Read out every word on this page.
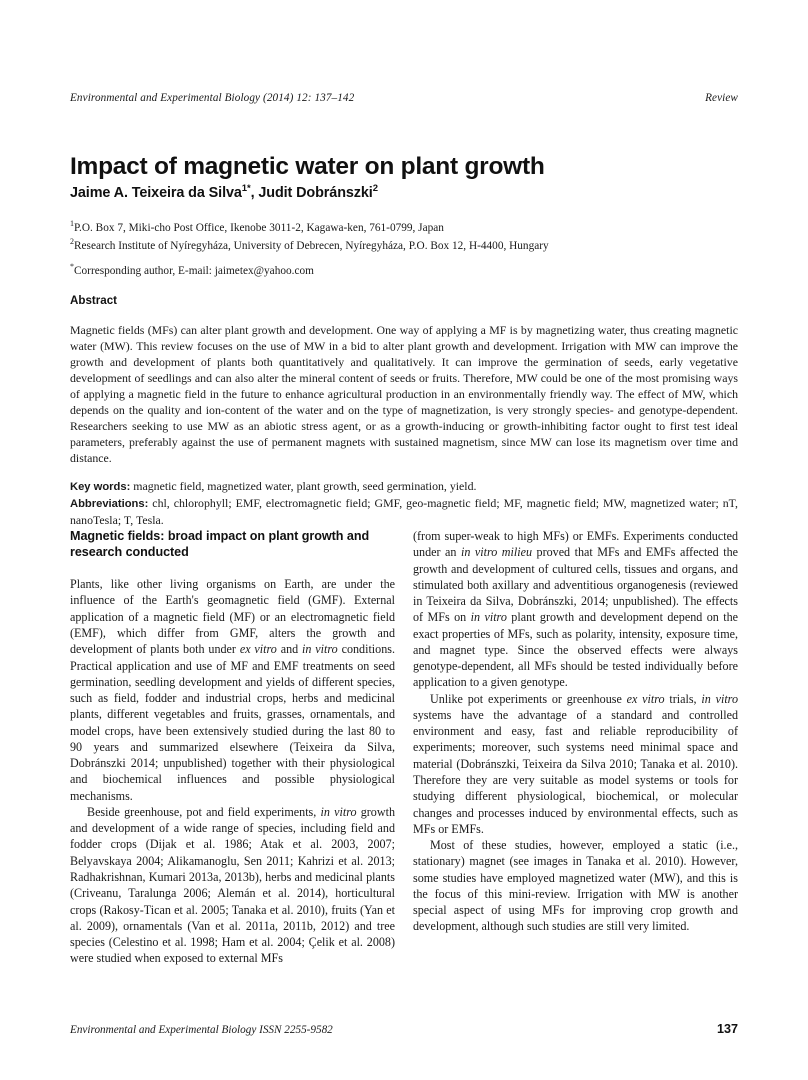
Environmental and Experimental Biology (2014) 12: 137–142	Review
Impact of magnetic water on plant growth
Jaime A. Teixeira da Silva$^{1*}$, Judit Dobránszki$^2$
$^1$P.O. Box 7, Miki-cho Post Office, Ikenobe 3011-2, Kagawa-ken, 761-0799, Japan
$^2$Research Institute of Nyíregyháza, University of Debrecen, Nyíregyháza, P.O. Box 12, H-4400, Hungary
*Corresponding author, E-mail: jaimetex@yahoo.com
Abstract
Magnetic fields (MFs) can alter plant growth and development. One way of applying a MF is by magnetizing water, thus creating magnetic water (MW). This review focuses on the use of MW in a bid to alter plant growth and development. Irrigation with MW can improve the growth and development of plants both quantitatively and qualitatively. It can improve the germination of seeds, early vegetative development of seedlings and can also alter the mineral content of seeds or fruits. Therefore, MW could be one of the most promising ways of applying a magnetic field in the future to enhance agricultural production in an environmentally friendly way. The effect of MW, which depends on the quality and ion-content of the water and on the type of magnetization, is very strongly species- and genotype-dependent. Researchers seeking to use MW as an abiotic stress agent, or as a growth-inducing or growth-inhibiting factor ought to first test ideal parameters, preferably against the use of permanent magnets with sustained magnetism, since MW can lose its magnetism over time and distance.

Key words: magnetic field, magnetized water, plant growth, seed germination, yield.

Abbreviations: chl, chlorophyll; EMF, electromagnetic field; GMF, geo-magnetic field; MF, magnetic field; MW, magnetized water; nT, nanoTesla; T, Tesla.

Magnetic fields: broad impact on plant growth and research conducted

Plants, like other living organisms on Earth, are under the influence of the Earth's geomagnetic field (GMF). External application of a magnetic field (MF) or an electromagnetic field (EMF), which differ from GMF, alters the growth and development of plants both under ex vitro and in vitro conditions. Practical application and use of MF and EMF treatments on seed germination, seedling development and yields of different species, such as field, fodder and industrial crops, herbs and medicinal plants, different vegetables and fruits, grasses, ornamentals, and model crops, have been extensively studied during the last 80 to 90 years and summarized elsewhere (Teixeira da Silva, Dobránszki 2014; unpublished) together with their physiological and biochemical influences and possible physiological mechanisms.

Beside greenhouse, pot and field experiments, in vitro growth and development of a wide range of species, including field and fodder crops (Dijak et al. 1986; Atak et al. 2003, 2007; Belyavskaya 2004; Alikamanoglu, Sen 2011; Kahrizi et al. 2013; Radhakrishnan, Kumari 2013a, 2013b), herbs and medicinal plants (Criveanu, Taralunga 2006; Alemán et al. 2014), horticultural crops (Rakosy-Tican et al. 2005; Tanaka et al. 2010), fruits (Yan et al. 2009), ornamentals (Van et al. 2011a, 2011b, 2012) and tree species (Celestino et al. 1998; Ham et al. 2004; Çelik et al. 2008) were studied when exposed to external MFs

(from super-weak to high MFs) or EMFs. Experiments conducted under an in vitro milieu proved that MFs and EMFs affected the growth and development of cultured cells, tissues and organs, and stimulated both axillary and adventitious organogenesis (reviewed in Teixeira da Silva, Dobránszki, 2014; unpublished). The effects of MFs on in vitro plant growth and development depend on the exact properties of MFs, such as polarity, intensity, exposure time, and magnet type. Since the observed effects were always genotype-dependent, all MFs should be tested individually before application to a given genotype.

Unlike pot experiments or greenhouse ex vitro trials, in vitro systems have the advantage of a standard and controlled environment and easy, fast and reliable reproducibility of experiments; moreover, such systems need minimal space and material (Dobránszki, Teixeira da Silva 2010; Tanaka et al. 2010). Therefore they are very suitable as model systems or tools for studying different physiological, biochemical, or molecular changes and processes induced by environmental effects, such as MFs or EMFs.

Most of these studies, however, employed a static (i.e., stationary) magnet (see images in Tanaka et al. 2010). However, some studies have employed magnetized water (MW), and this is the focus of this mini-review. Irrigation with MW is another special aspect of using MFs for improving crop growth and development, although such studies are still very limited.

Environmental and Experimental Biology ISSN 2255-9582	137
